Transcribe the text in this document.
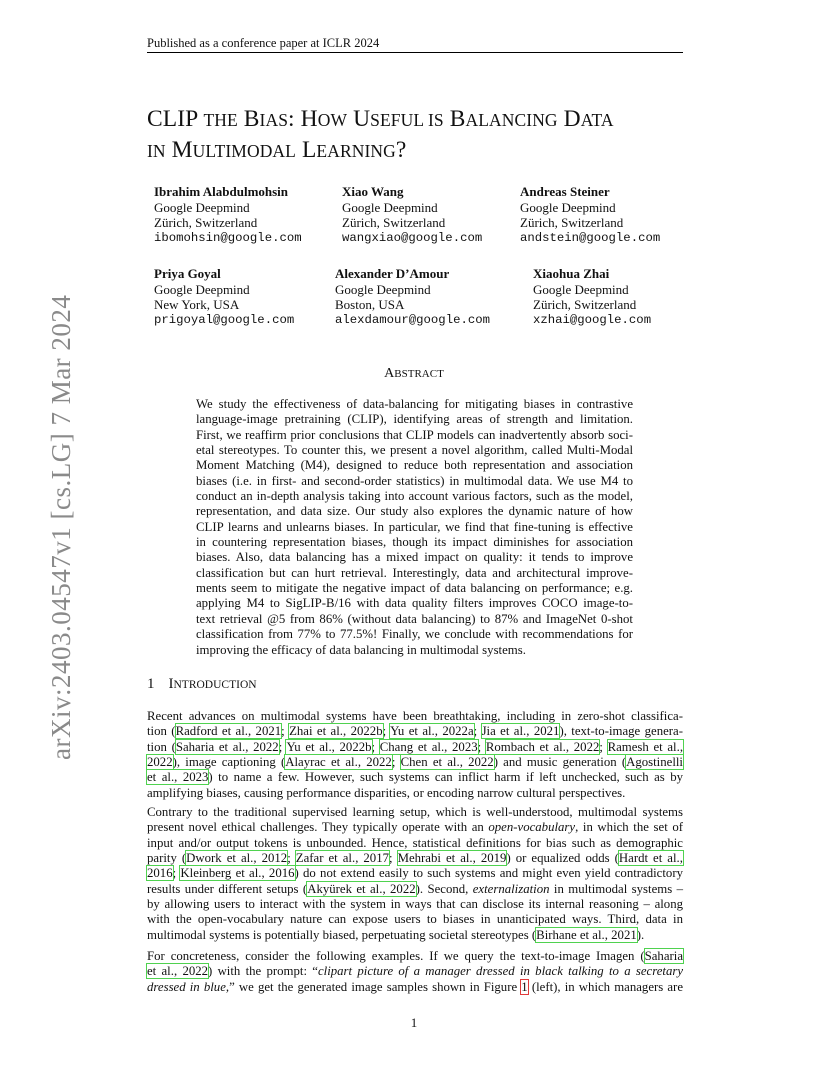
Published as a conference paper at ICLR 2024
arXiv:2403.04547v1 [cs.LG] 7 Mar 2024
CLIP THE BIAS: HOW USEFUL IS BALANCING DATA
IN MULTIMODAL LEARNING?
Ibrahim Alabdulmohsin
Google Deepmind
Zürich, Switzerland
ibomohsin@google.com
Xiao Wang
Google Deepmind
Zürich, Switzerland
wangxiao@google.com
Andreas Steiner
Google Deepmind
Zürich, Switzerland
andstein@google.com
Priya Goyal
Google Deepmind
New York, USA
prigoyal@google.com
Alexander D’Amour
Google Deepmind
Boston, USA
alexdamour@google.com
Xiaohua Zhai
Google Deepmind
Zürich, Switzerland
xzhai@google.com
ABSTRACT
We study the effectiveness of data-balancing for mitigating biases in contrastive
language-image pretraining (CLIP), identifying areas of strength and limitation.
First, we reaffirm prior conclusions that CLIP models can inadvertently absorb soci-
etal stereotypes. To counter this, we present a novel algorithm, called Multi-Modal
Moment Matching (M4), designed to reduce both representation and association
biases (i.e. in first- and second-order statistics) in multimodal data. We use M4 to
conduct an in-depth analysis taking into account various factors, such as the model,
representation, and data size. Our study also explores the dynamic nature of how
CLIP learns and unlearns biases. In particular, we find that fine-tuning is effective
in countering representation biases, though its impact diminishes for association
biases. Also, data balancing has a mixed impact on quality: it tends to improve
classification but can hurt retrieval. Interestingly, data and architectural improve-
ments seem to mitigate the negative impact of data balancing on performance; e.g.
applying M4 to SigLIP-B/16 with data quality filters improves COCO image-to-
text retrieval @5 from 86% (without data balancing) to 87% and ImageNet 0-shot
classification from 77% to 77.5%! Finally, we conclude with recommendations for
improving the efficacy of data balancing in multimodal systems.
1 INTRODUCTION
Recent advances on multimodal systems have been breathtaking, including in zero-shot classifica-
tion (Radford et al., 2021; Zhai et al., 2022b; Yu et al., 2022a; Jia et al., 2021), text-to-image genera-
tion (Saharia et al., 2022; Yu et al., 2022b; Chang et al., 2023; Rombach et al., 2022; Ramesh et al.,
2022), image captioning (Alayrac et al., 2022; Chen et al., 2022) and music generation (Agostinelli
et al., 2023) to name a few. However, such systems can inflict harm if left unchecked, such as by
amplifying biases, causing performance disparities, or encoding narrow cultural perspectives.
Contrary to the traditional supervised learning setup, which is well-understood, multimodal systems
present novel ethical challenges. They typically operate with an open-vocabulary, in which the set of
input and/or output tokens is unbounded. Hence, statistical definitions for bias such as demographic
parity (Dwork et al., 2012; Zafar et al., 2017; Mehrabi et al., 2019) or equalized odds (Hardt et al.,
2016; Kleinberg et al., 2016) do not extend easily to such systems and might even yield contradictory
results under different setups (Akyürek et al., 2022). Second, externalization in multimodal systems –
by allowing users to interact with the system in ways that can disclose its internal reasoning – along
with the open-vocabulary nature can expose users to biases in unanticipated ways. Third, data in
multimodal systems is potentially biased, perpetuating societal stereotypes (Birhane et al., 2021).
For concreteness, consider the following examples. If we query the text-to-image Imagen (Saharia
et al., 2022) with the prompt: “clipart picture of a manager dressed in black talking to a secretary
dressed in blue,” we get the generated image samples shown in Figure 1 (left), in which managers are
1
